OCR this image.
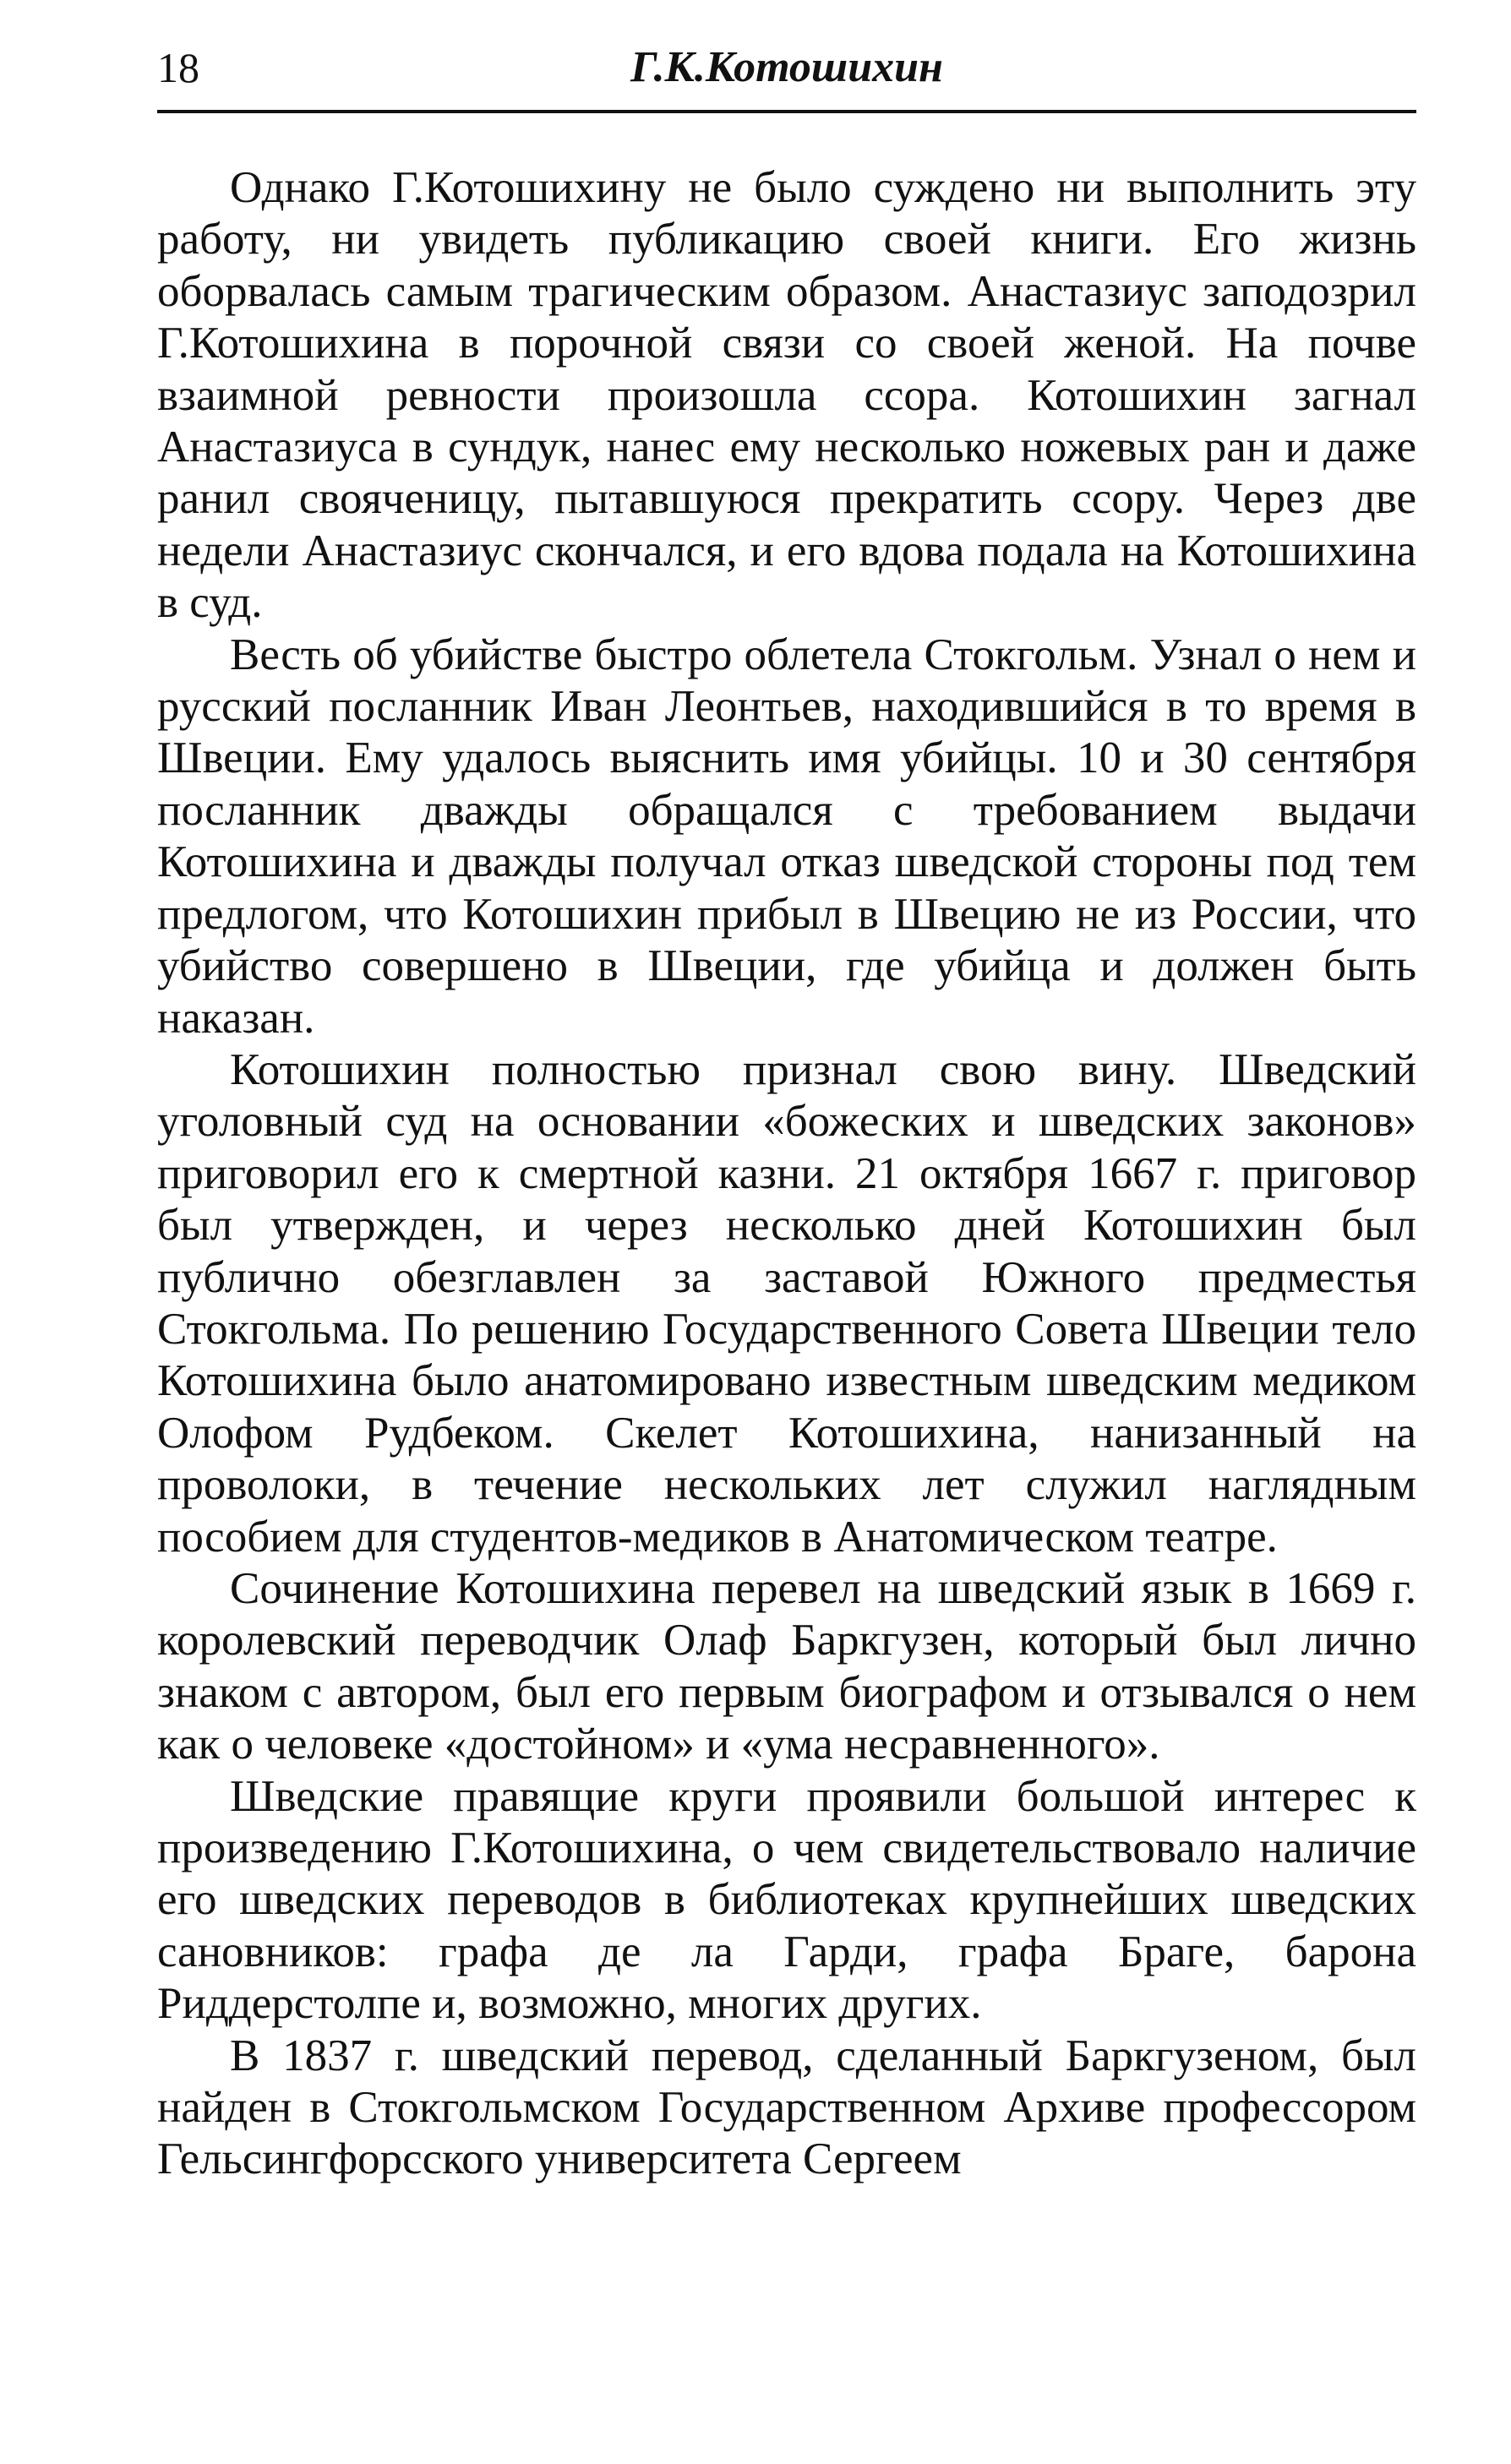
18	Г.К.Котошихин

Однако Г.Котошихину не было суждено ни выполнить эту работу, ни увидеть публикацию своей книги. Его жизнь оборвалась самым трагическим образом. Анастазиус заподозрил Г.Котошихина в порочной связи со своей женой. На почве взаимной ревности произошла ссора. Котошихин загнал Анастазиуса в сундук, нанес ему несколько ножевых ран и даже ранил свояченицу, пытавшуюся прекратить ссору. Через две недели Анастазиус скончался, и его вдова подала на Котошихина в суд.

Весть об убийстве быстро облетела Стокгольм. Узнал о нем и русский посланник Иван Леонтьев, находившийся в то время в Швеции. Ему удалось выяснить имя убийцы. 10 и 30 сентября посланник дважды обращался с требованием выдачи Котошихина и дважды получал отказ шведской стороны под тем предлогом, что Котошихин прибыл в Швецию не из России, что убийство совершено в Швеции, где убийца и должен быть наказан.

Котошихин полностью признал свою вину. Шведский уголовный суд на основании «божеских и шведских законов» приговорил его к смертной казни. 21 октября 1667 г. приговор был утвержден, и через несколько дней Котошихин был публично обезглавлен за заставой Южного предместья Стокгольма. По решению Государственного Совета Швеции тело Котошихина было анатомировано известным шведским медиком Олофом Рудбеком. Скелет Котошихина, нанизанный на проволоки, в течение нескольких лет служил наглядным пособием для студентов-медиков в Анатомическом театре.

Сочинение Котошихина перевел на шведский язык в 1669 г. королевский переводчик Олаф Баркгузен, который был лично знаком с автором, был его первым биографом и отзывался о нем как о человеке «достойном» и «ума несравненного».

Шведские правящие круги проявили большой интерес к произведению Г.Котошихина, о чем свидетельствовало наличие его шведских переводов в библиотеках крупнейших шведских сановников: графа де ла Гарди, графа Браге, барона Риддерстолпе и, возможно, многих других.

В 1837 г. шведский перевод, сделанный Баркгузеном, был найден в Стокгольмском Государственном Архиве профессором Гельсингфорсского университета Сергеем
